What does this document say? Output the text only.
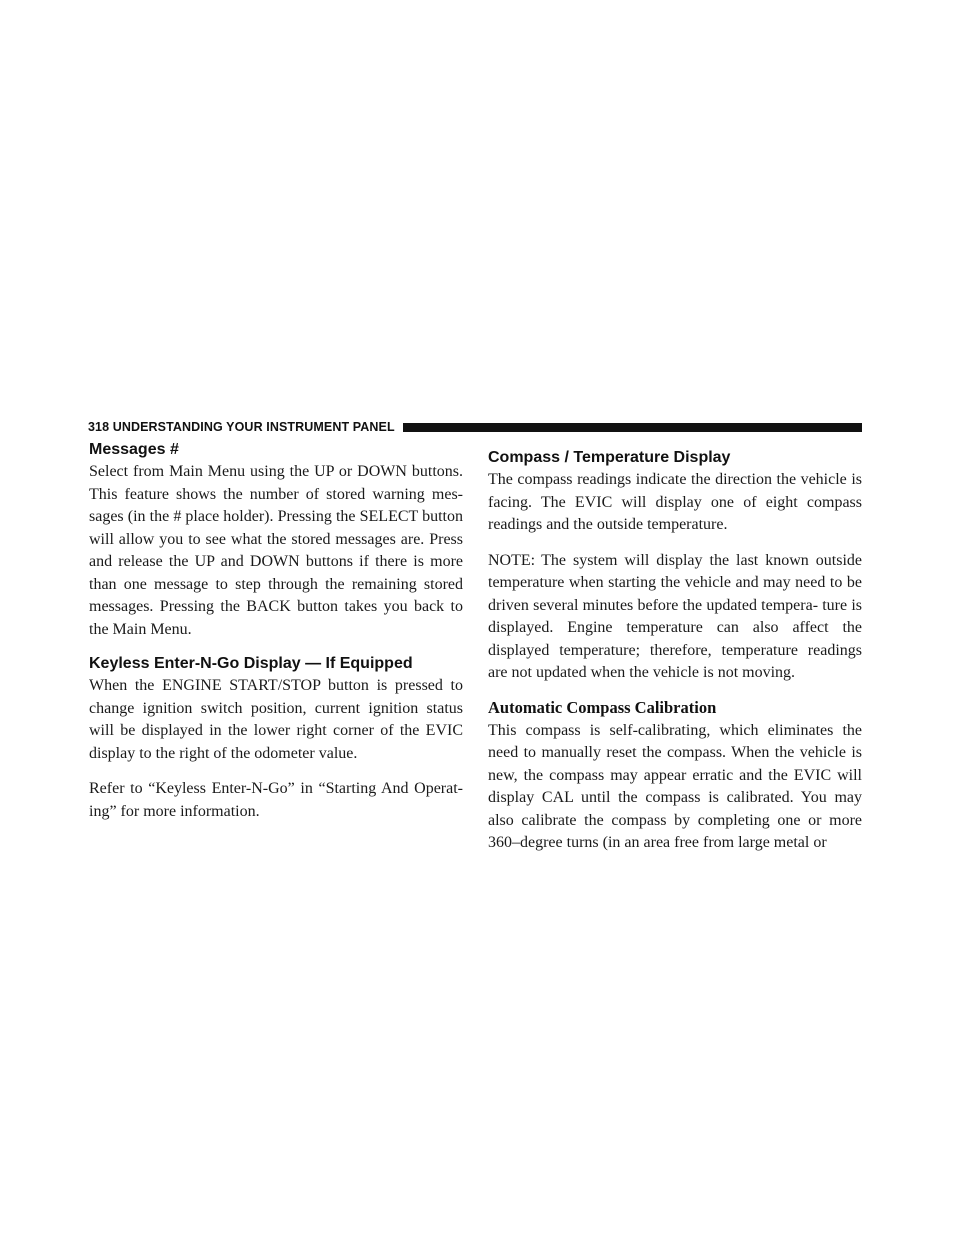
318 UNDERSTANDING YOUR INSTRUMENT PANEL
Messages #

Select from Main Menu using the UP or DOWN buttons. This feature shows the number of stored warning mes- sages (in the # place holder). Pressing the SELECT button will allow you to see what the stored messages are. Press and release the UP and DOWN buttons if there is more than one message to step through the remaining stored messages. Pressing the BACK button takes you back to the Main Menu.

Keyless Enter-N-Go Display — If Equipped

When the ENGINE START/STOP button is pressed to change ignition switch position, current ignition status will be displayed in the lower right corner of the EVIC display to the right of the odometer value.

Refer to “Keyless Enter-N-Go” in “Starting And Operat- ing” for more information.

Compass / Temperature Display

The compass readings indicate the direction the vehicle is facing. The EVIC will display one of eight compass readings and the outside temperature.

NOTE: The system will display the last known outside temperature when starting the vehicle and may need to be driven several minutes before the updated tempera- ture is displayed. Engine temperature can also affect the displayed temperature; therefore, temperature readings are not updated when the vehicle is not moving.

Automatic Compass Calibration

This compass is self-calibrating, which eliminates the need to manually reset the compass. When the vehicle is new, the compass may appear erratic and the EVIC will display CAL until the compass is calibrated. You may also calibrate the compass by completing one or more 360–degree turns (in an area free from large metal or
